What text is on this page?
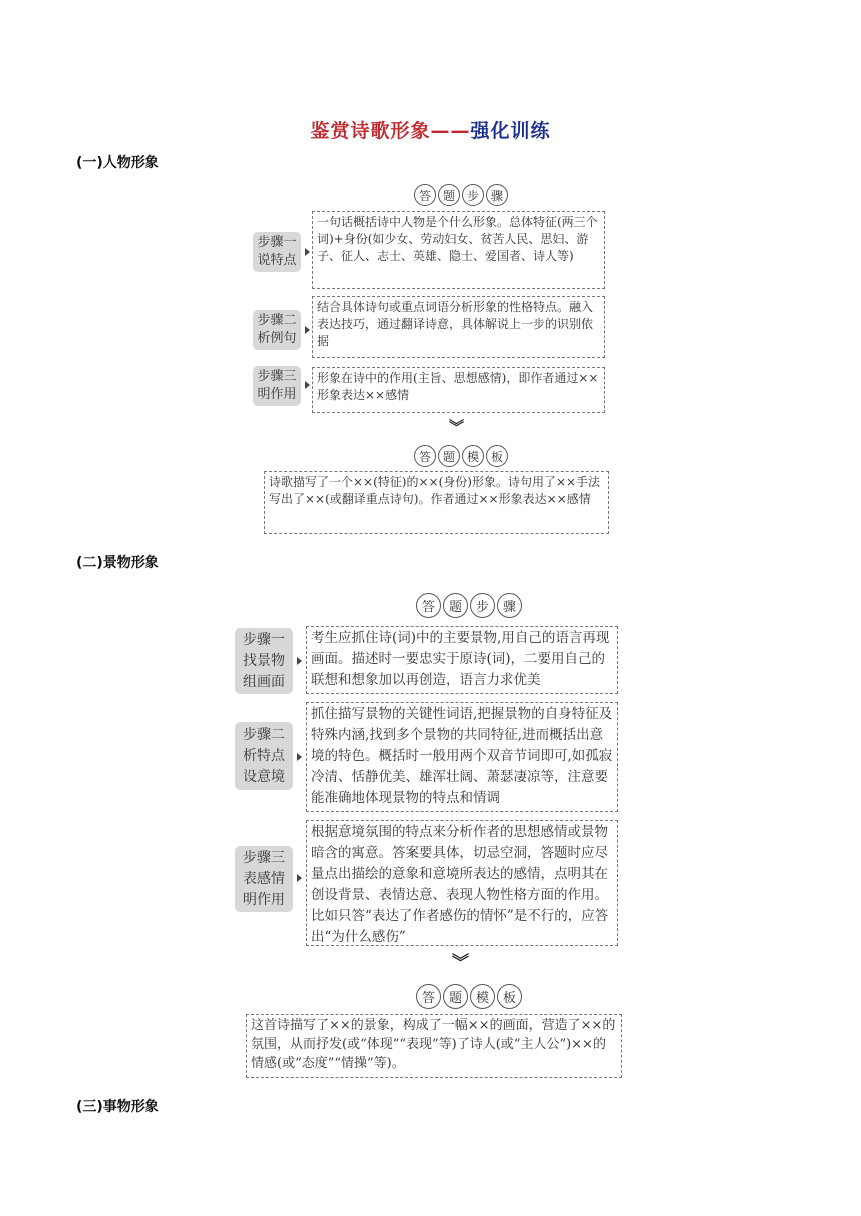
鉴赏诗歌形象——强化训练
(一)人物形象
答 题 步 骤
步骤一
说特点
一句话概括诗中人物是个什么形象。总体特征(两三个词)+身份(如少女、劳动妇女、贫苦人民、思妇、游子、征人、志士、英雄、隐士、爱国者、诗人等)
步骤二
析例句
结合具体诗句或重点词语分析形象的性格特点。融入表达技巧，通过翻译诗意，具体解说上一步的识别依据
步骤三
明作用
形象在诗中的作用(主旨、思想感情)，即作者通过××形象表达××感情
︾
答 题 模 板
诗歌描写了一个××(特征)的××(身份)形象。诗句用了××手法写出了××(或翻译重点诗句)。作者通过××形象表达××感情
(二)景物形象
答	题	步	骤
步骤一
找景物
组画面
考生应抓住诗(词)中的主要景物,用自己的语言再现画面。描述时一要忠实于原诗(词)，二要用自己的联想和想象加以再创造，语言力求优美
步骤二
析特点
设意境
抓住描写景物的关键性词语,把握景物的自身特征及特殊内涵,找到多个景物的共同特征,进而概括出意境的特色。概括时一般用两个双音节词即可,如孤寂冷清、恬静优美、雄浑壮阔、萧瑟凄凉等，注意要能准确地体现景物的特点和情调
步骤三
表感情
明作用
根据意境氛围的特点来分析作者的思想感情或景物暗含的寓意。答案要具体，切忌空洞，答题时应尽量点出描绘的意象和意境所表达的感情，点明其在创设背景、表情达意、表现人物性格方面的作用。比如只答“表达了作者感伤的情怀”是不行的，应答出“为什么感伤”
︾
答	题	模	板
这首诗描写了××的景象，构成了一幅××的画面，营造了××的氛围，从而抒发(或“体现”“表现”等)了诗人(或“主人公”)××的情感(或“态度”“情操”等)。
(三)事物形象
